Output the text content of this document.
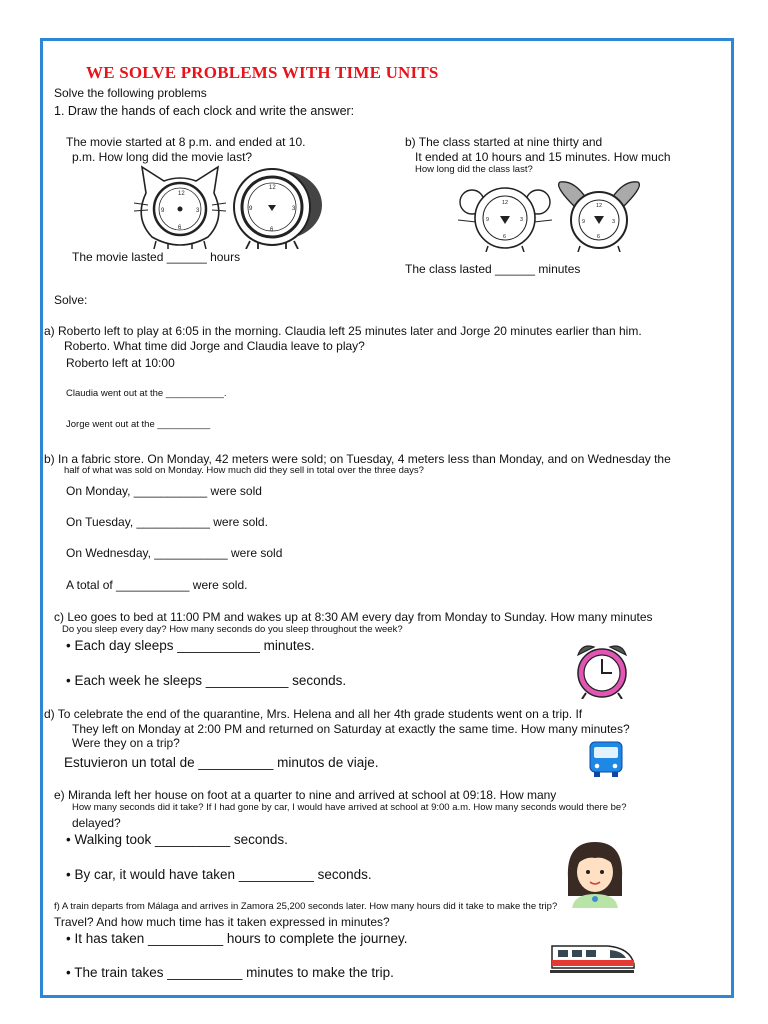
WE SOLVE PROBLEMS WITH TIME UNITS
Solve the following problems
1. Draw the hands of each clock and write the answer:
The movie started at 8 p.m. and ended at 10.
p.m. How long did the movie last?
The movie lasted ______ hours
b) The class started at nine thirty and
It ended at 10 hours and 15 minutes. How much
How long did the class last?
The class lasted ______ minutes
12
3
6
9
12
3
6
9
12
3
6
9
12
3
6
9
Solve:
a) Roberto left to play at 6:05 in the morning. Claudia left 25 minutes later and Jorge 20 minutes earlier than him.
Roberto. What time did Jorge and Claudia leave to play?
Roberto left at 10:00
Claudia went out at the ___________.
Jorge went out at the __________
b) In a fabric store. On Monday, 42 meters were sold; on Tuesday, 4 meters less than Monday, and on Wednesday the
half of what was sold on Monday. How much did they sell in total over the three days?
On Monday, ___________ were sold
On Tuesday, ___________ were sold.
On Wednesday, ___________ were sold
A total of ___________ were sold.
c) Leo goes to bed at 11:00 PM and wakes up at 8:30 AM every day from Monday to Sunday. How many minutes
Do you sleep every day? How many seconds do you sleep throughout the week?
• Each day sleeps ___________ minutes.
• Each week he sleeps ___________ seconds.
d) To celebrate the end of the quarantine, Mrs. Helena and all her 4th grade students went on a trip. If
They left on Monday at 2:00 PM and returned on Saturday at exactly the same time. How many minutes?
Were they on a trip?
Estuvieron un total de __________ minutos de viaje.
e) Miranda left her house on foot at a quarter to nine and arrived at school at 09:18. How many
How many seconds did it take? If I had gone by car, I would have arrived at school at 9:00 a.m. How many seconds would there be?
delayed?
• Walking took __________ seconds.
• By car, it would have taken __________ seconds.
f) A train departs from Málaga and arrives in Zamora 25,200 seconds later. How many hours did it take to make the trip?
Travel? And how much time has it taken expressed in minutes?
• It has taken __________ hours to complete the journey.
• The train takes __________ minutes to make the trip.
